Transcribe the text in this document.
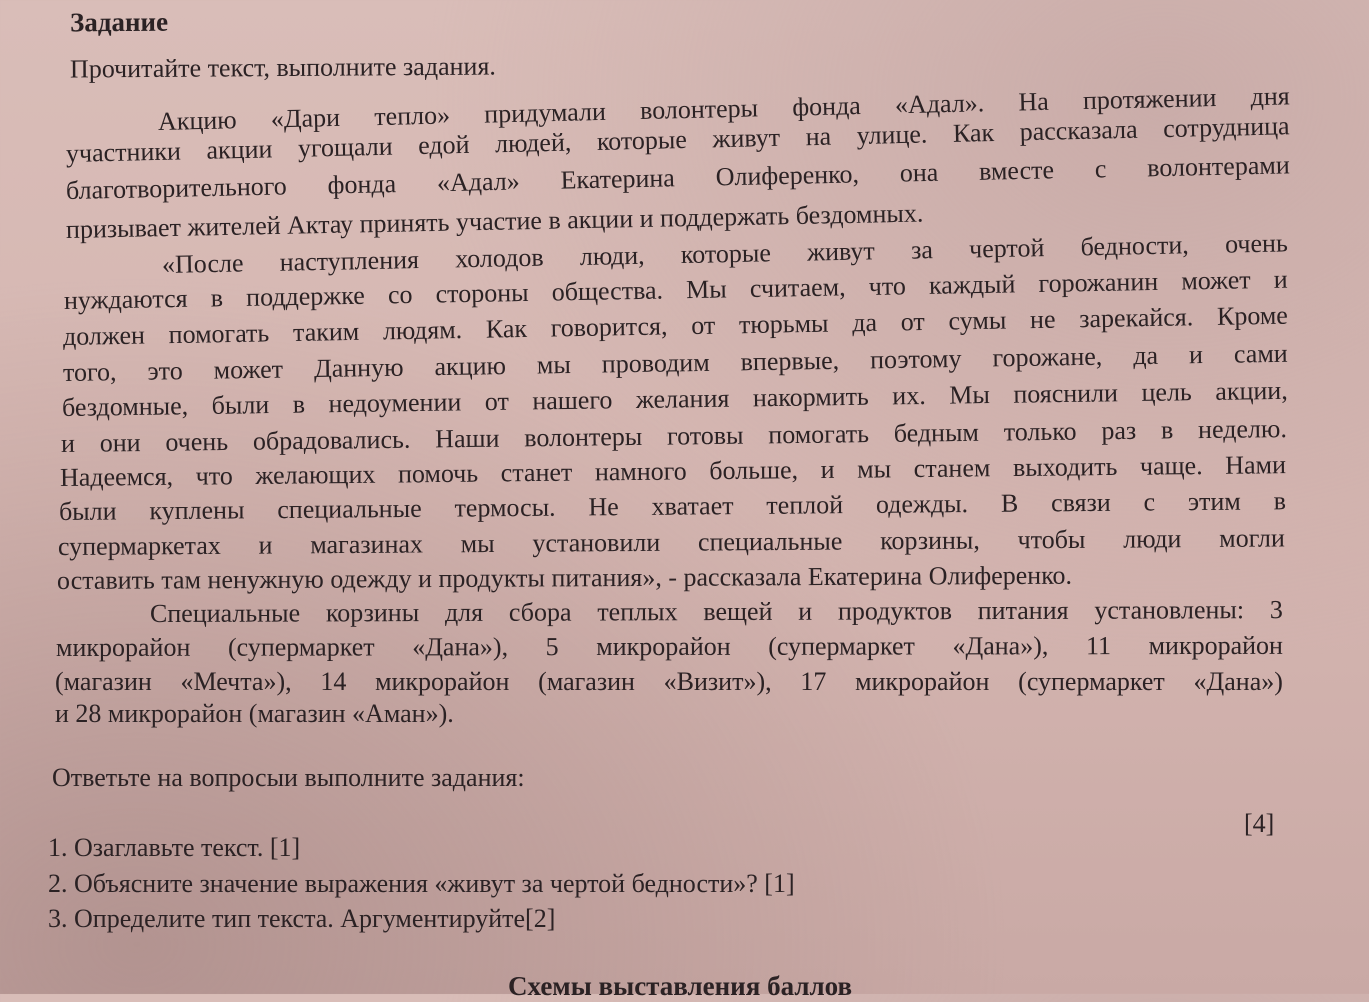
Задание
Прочитайте текст, выполните задания.
Акцию «Дари тепло» придумали волонтеры фонда «Адал». На протяжении дня
участники акции угощали едой людей, которые живут на улице. Как рассказала сотрудница
благотворительного фонда «Адал» Екатерина Олиференко, она вместе с волонтерами
призывает жителей Актау принять участие в акции и поддержать бездомных.
«После наступления холодов люди, которые живут за чертой бедности, очень
нуждаются в поддержке со стороны общества. Мы считаем, что каждый горожанин может и
должен помогать таким людям. Как говорится, от тюрьмы да от сумы не зарекайся. Кроме
того, это может Данную акцию мы проводим впервые, поэтому горожане, да и сами
бездомные, были в недоумении от нашего желания накормить их. Мы пояснили цель акции,
и они очень обрадовались. Наши волонтеры готовы помогать бедным только раз в неделю.
Надеемся, что желающих помочь станет намного больше, и мы станем выходить чаще. Нами
были куплены специальные термосы. Не хватает теплой одежды. В связи с этим в
супермаркетах и магазинах мы установили специальные корзины, чтобы люди могли
оставить там ненужную одежду и продукты питания», - рассказала Екатерина Олиференко.
Специальные корзины для сбора теплых вещей и продуктов питания установлены: 3
микрорайон (супермаркет «Дана»), 5 микрорайон (супермаркет «Дана»), 11 микрорайон
(магазин «Мечта»), 14 микрорайон (магазин «Визит»), 17 микрорайон (супермаркет «Дана»)
и 28 микрорайон (магазин «Аман»).
Ответьте на вопросыи выполните задания:
[4]
1. Озаглавьте текст. [1]
2. Объясните значение выражения «живут за чертой бедности»? [1]
3. Определите тип текста. Аргументируйте[2]
Схемы выставления баллов
